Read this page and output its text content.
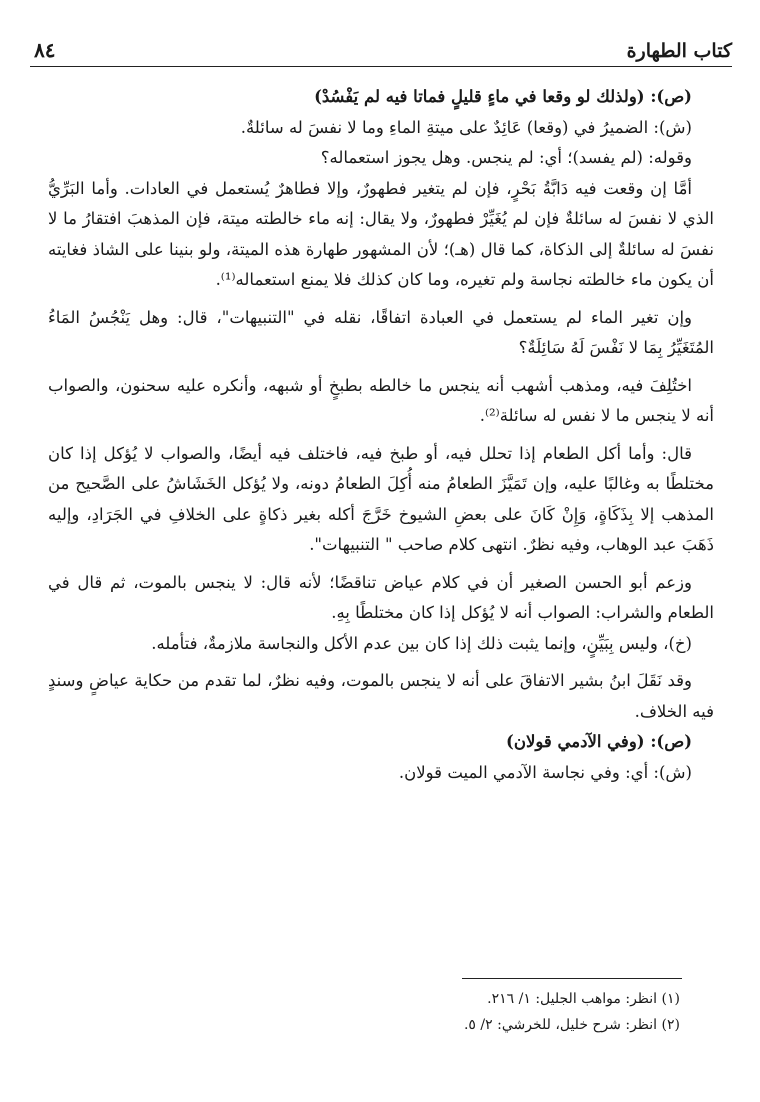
كتاب الطهارة
٨٤

(ص): (ولذلك لو وقعا في ماءٍ قليلٍ فماتا فيه لم يَفْسُدْ)

(ش): الضميرُ في (وقعا) عَائِدٌ على ميتةِ الماءِ وما لا نفسَ له سائلةٌ.

وقوله: (لم يفسد)؛ أي: لم ينجس. وهل يجوز استعماله؟

أمَّا إن وقعت فيه دَابَّةُ بَحْرٍ، فإن لم يتغير فطهورٌ، وإلا فطاهرٌ يُستعمل في العادات. وأما البَرِّيُّ الذي لا نفسَ له سائلةٌ فإن لم يُغَيِّرْ فطهورٌ، ولا يقال: إنه ماء خالطته ميتة، فإن المذهبَ افتقارُ ما لا نفسَ له سائلةٌ إلى الذكاة، كما قال (هـ)؛ لأن المشهور طهارة هذه الميتة، ولو بنينا على الشاذ فغايته أن يكون ماء خالطته نجاسة ولم تغيره، وما كان كذلك فلا يمنع استعماله⁽¹⁾.

وإن تغير الماء لم يستعمل في العبادة اتفاقًا، نقله في "التنبيهات"، قال: وهل يَنْجُسُ المَاءُ المُتَغَيِّرُ بِمَا لا نَفْسَ لَهُ سَائِلَةٌ؟

اختُلِفَ فيه، ومذهب أشهب أنه ينجس ما خالطه بطبخٍ أو شبهه، وأنكره عليه سحنون، والصواب أنه لا ينجس ما لا نفس له سائلة⁽²⁾.

قال: وأما أكل الطعام إذا تحلل فيه، أو طبخ فيه، فاختلف فيه أيضًا، والصواب لا يُؤكل إذا كان مختلطًا به وغالبًا عليه، وإن تَمَيَّزَ الطعامُ منه أُكِلَ الطعامُ دونه، ولا يُؤكل الخَشَاشُ على الصَّحيح من المذهب إلا بِذَكَاةٍ، وَإِنْ كَانَ على بعضِ الشيوخ خَرَّجَ أكله بغير ذكاةٍ على الخلافِ في الجَرَادِ، وإليه ذَهَبَ عبد الوهاب، وفيه نظرٌ. انتهى كلام صاحب " التنبيهات".

وزعم أبو الحسن الصغير أن في كلام عياض تناقضًا؛ لأنه قال: لا ينجس بالموت، ثم قال في الطعام والشراب: الصواب أنه لا يُؤكل إذا كان مختلطًا بِهِ.

(خ)، وليس بِبَيِّنٍ، وإنما يثبت ذلك إذا كان بين عدم الأكل والنجاسة ملازمةٌ، فتأمله.

وقد نَقَلَ ابنُ بشير الاتفاقَ على أنه لا ينجس بالموت، وفيه نظرٌ، لما تقدم من حكاية عياضٍ وسندٍ فيه الخلاف.

(ص): (وفي الآدمي قولان)

(ش): أي: وفي نجاسة الآدمي الميت قولان.

(١) انظر: مواهب الجليل: ١/ ٢١٦.
(٢) انظر: شرح خليل، للخرشي: ٢/ ٥.
